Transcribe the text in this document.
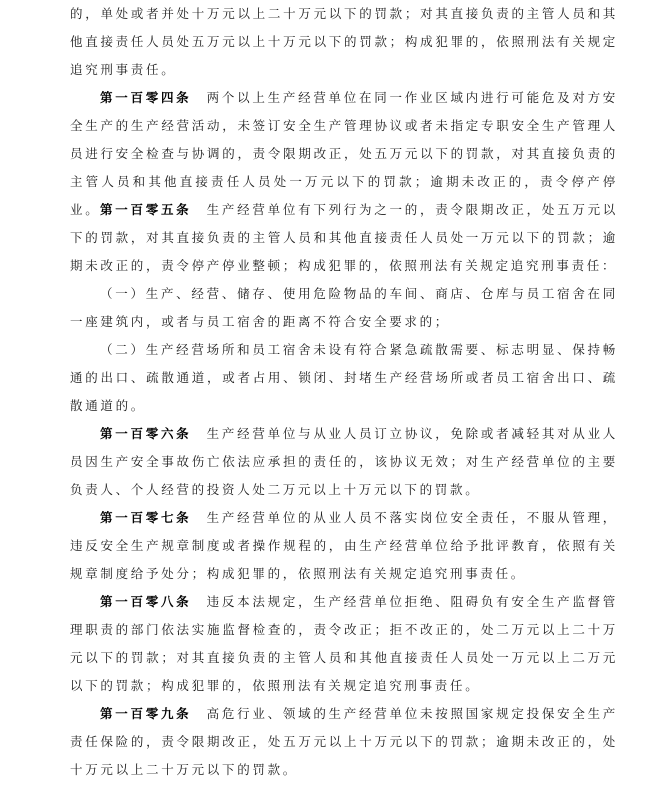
的，单处或者并处十万元以上二十万元以下的罚款；对其直接负责的主管人员和其他直接责任人员处五万元以上十万元以下的罚款；构成犯罪的，依照刑法有关规定追究刑事责任。

第一百零四条　 两个以上生产经营单位在同一作业区域内进行可能危及对方安全生产的生产经营活动，未签订安全生产管理协议或者未指定专职安全生产管理人员进行安全检查与协调的，责令限期改正，处五万元以下的罚款，对其直接负责的主管人员和其他直接责任人员处一万元以下的罚款；逾期未改正的，责令停产停业。 第一百零五条　 生产经营单位有下列行为之一的，责令限期改正，处五万元以下的罚款，对其直接负责的主管人员和其他直接责任人员处一万元以下的罚款；逾期未改正的，责令停产停业整顿；构成犯罪的，依照刑法有关规定追究刑事责任：

（一）生产、经营、储存、使用危险物品的车间、商店、仓库与员工宿舍在同一座建筑内，或者与员工宿舍的距离不符合安全要求的；

（二）生产经营场所和员工宿舍未设有符合紧急疏散需要、标志明显、保持畅通的出口、疏散通道，或者占用、锁闭、封堵生产经营场所或者员工宿舍出口、疏散通道的。

第一百零六条　 生产经营单位与从业人员订立协议，免除或者减轻其对从业人员因生产安全事故伤亡依法应承担的责任的，该协议无效；对生产经营单位的主要负责人、个人经营的投资人处二万元以上十万元以下的罚款。

第一百零七条　 生产经营单位的从业人员不落实岗位安全责任，不服从管理，违反安全生产规章制度或者操作规程的，由生产经营单位给予批评教育，依照有关规章制度给予处分；构成犯罪的，依照刑法有关规定追究刑事责任。

第一百零八条　 违反本法规定，生产经营单位拒绝、阻碍负有安全生产监督管理职责的部门依法实施监督检查的，责令改正；拒不改正的，处二万元以上二十万元以下的罚款；对其直接负责的主管人员和其他直接责任人员处一万元以上二万元以下的罚款；构成犯罪的，依照刑法有关规定追究刑事责任。

第一百零九条　 高危行业、领域的生产经营单位未按照国家规定投保安全生产责任保险的，责令限期改正，处五万元以上十万元以下的罚款；逾期未改正的，处十万元以上二十万元以下的罚款。
